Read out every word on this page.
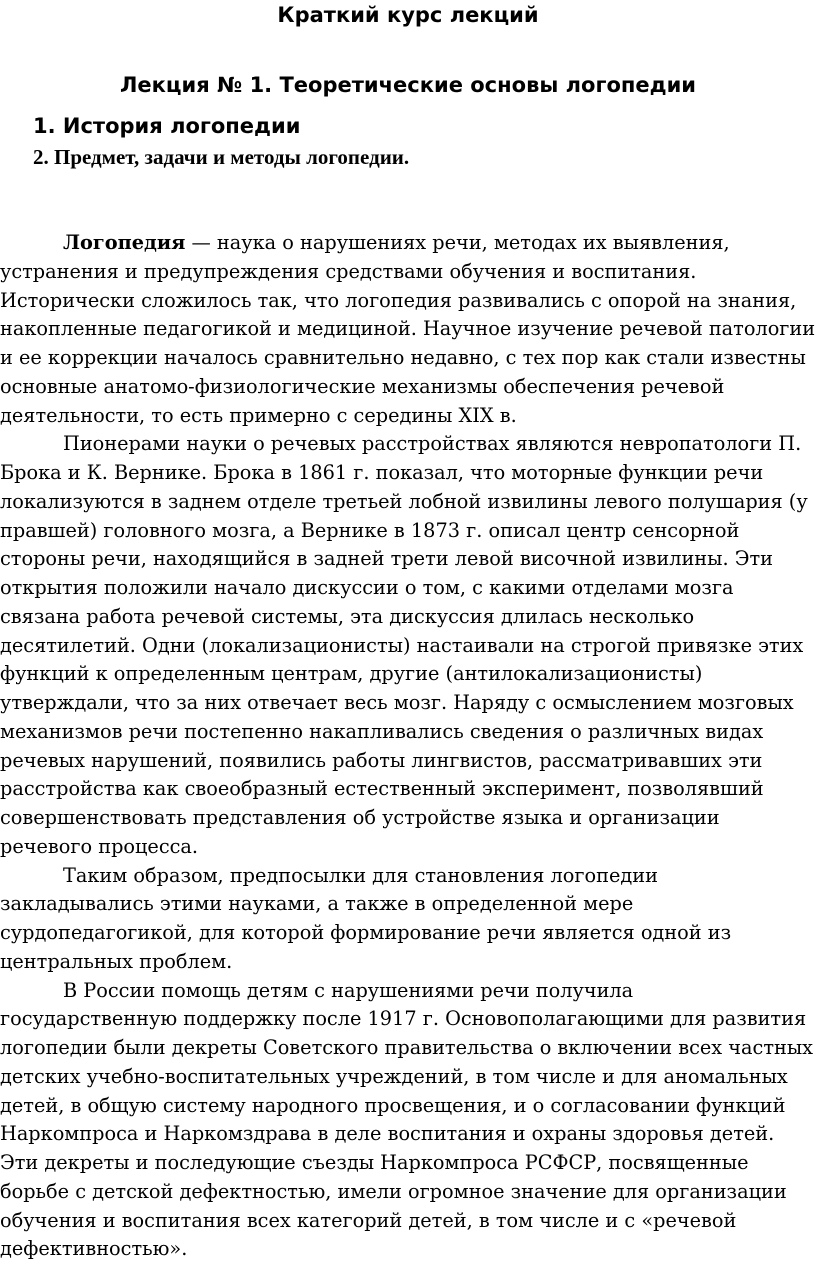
Краткий курс лекций
Лекция № 1. Теоретические основы логопедии
1. История логопедии
2. Предмет, задачи и методы логопедии.

Логопедия — наука о нарушениях речи, методах их выявления, устранения и предупреждения средствами обучения и воспитания. Исторически сложилось так, что логопедия развивались с опорой на знания, накопленные педагогикой и медициной. Научное изучение речевой патологии и ее коррекции началось сравнительно недавно, с тех пор как стали известны основные анатомо-физиологические механизмы обеспечения речевой деятельности, то есть примерно с середины XIX в.

Пионерами науки о речевых расстройствах являются невропатологи П. Брока и К. Вернике. Брока в 1861 г. показал, что моторные функции речи локализуются в заднем отделе третьей лобной извилины левого полушария (у правшей) головного мозга, а Вернике в 1873 г. описал центр сенсорной стороны речи, находящийся в задней трети левой височной извилины. Эти открытия положили начало дискуссии о том, с какими отделами мозга связана работа речевой системы, эта дискуссия длилась несколько десятилетий. Одни (локализационисты) настаивали на строгой привязке этих функций к определенным центрам, другие (антилокализационисты) утверждали, что за них отвечает весь мозг. Наряду с осмыслением мозговых механизмов речи постепенно накапливались сведения о различных видах речевых нарушений, появились работы лингвистов, рассматривавших эти расстройства как своеобразный естественный эксперимент, позволявший совершенствовать представления об устройстве языка и организации речевого процесса.

Таким образом, предпосылки для становления логопедии закладывались этими науками, а также в определенной мере сурдопедагогикой, для которой формирование речи является одной из центральных проблем.

В России помощь детям с нарушениями речи получила государственную поддержку после 1917 г. Основополагающими для развития логопедии были декреты Советского правительства о включении всех частных детских учебно-воспитательных учреждений, в том числе и для аномальных детей, в общую систему народного просвещения, и о согласовании функций Наркомпроса и Наркомздрава в деле воспитания и охраны здоровья детей. Эти декреты и последующие съезды Наркомпроса РСФСР, посвященные борьбе с детской дефектностью, имели огромное значение для организации обучения и воспитания всех категорий детей, в том числе и с «речевой дефективностью».
